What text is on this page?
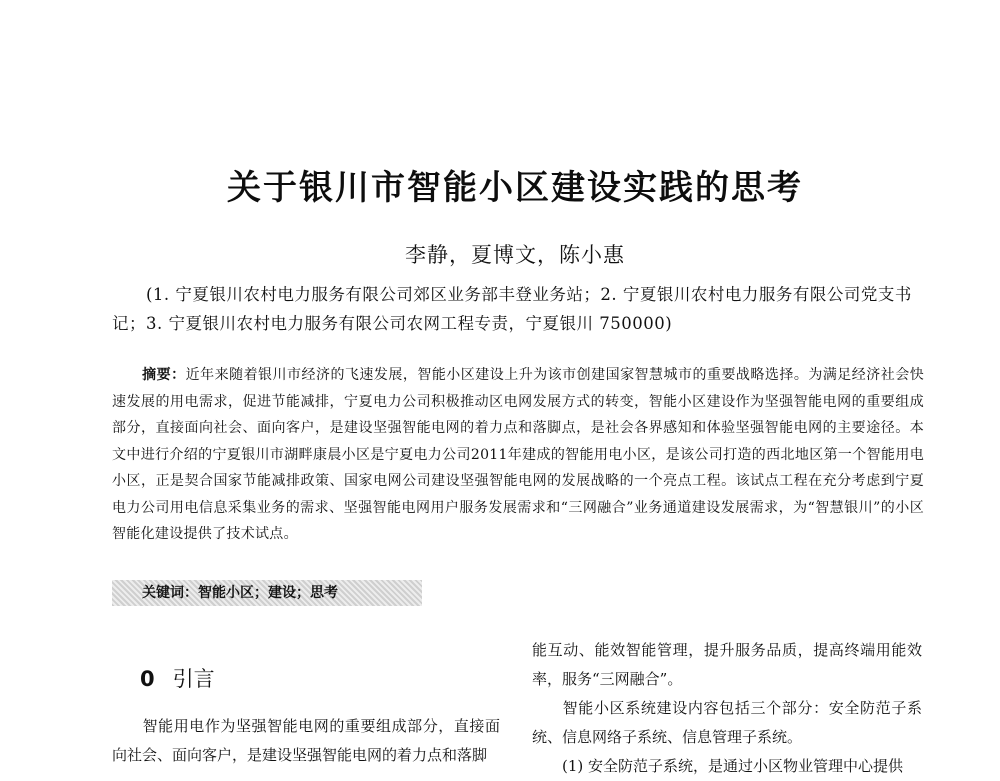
关于银川市智能小区建设实践的思考
李静，夏博文，陈小惠
(1. 宁夏银川农村电力服务有限公司郊区业务部丰登业务站；2. 宁夏银川农村电力服务有限公司党支书记；3. 宁夏银川农村电力服务有限公司农网工程专责，宁夏银川 750000)
摘要：近年来随着银川市经济的飞速发展，智能小区建设上升为该市创建国家智慧城市的重要战略选择。为满足经济社会快速发展的用电需求，促进节能减排，宁夏电力公司积极推动区电网发展方式的转变，智能小区建设作为坚强智能电网的重要组成部分，直接面向社会、面向客户，是建设坚强智能电网的着力点和落脚点，是社会各界感知和体验坚强智能电网的主要途径。本文中进行介绍的宁夏银川市湖畔康晨小区是宁夏电力公司2011年建成的智能用电小区，是该公司打造的西北地区第一个智能用电小区，正是契合国家节能减排政策、国家电网公司建设坚强智能电网的发展战略的一个亮点工程。该试点工程在充分考虑到宁夏电力公司用电信息采集业务的需求、坚强智能电网用户服务发展需求和“三网融合”业务通道建设发展需求，为“智慧银川”的小区智能化建设提供了技术试点。
关键词：智能小区；建设；思考
0 引言

智能用电作为坚强智能电网的重要组成部分，直接面向社会、面向客户，是建设坚强智能电网的着力点和落脚

能互动、能效智能管理，提升服务品质，提高终端用能效率，服务“三网融合”。

智能小区系统建设内容包括三个部分：安全防范子系统、信息网络子系统、信息管理子系统。

(1) 安全防范子系统，是通过小区物业管理中心提供
